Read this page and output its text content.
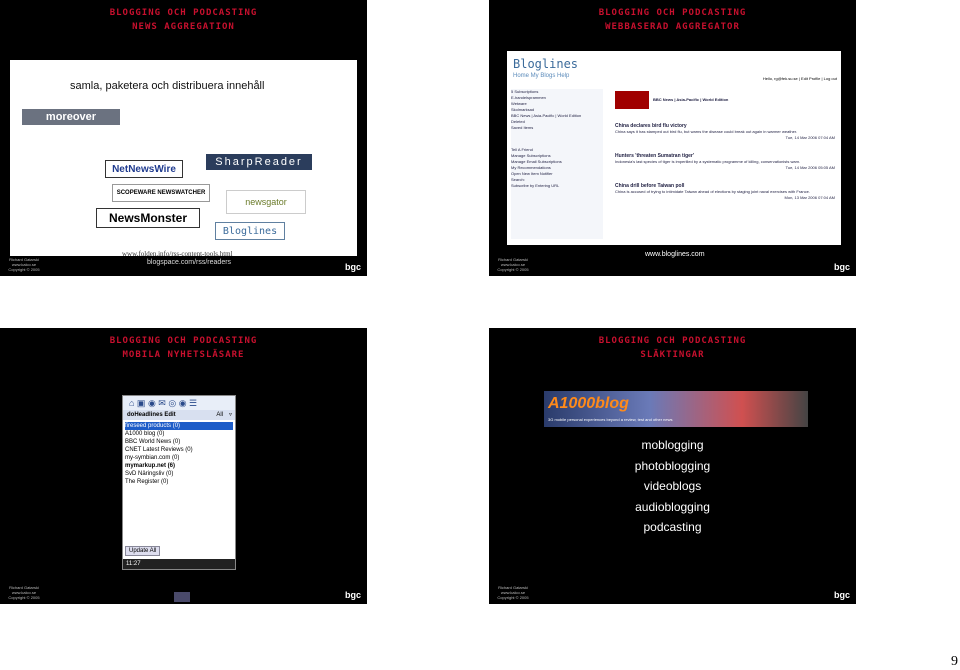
BLOGGING OCH PODCASTING
NEWS AGGREGATION
samla, paketera och distribuera innehåll
moreover
NetNewsWire
SharpReader
SCOPEWARE NEWSWATCHER
newsgator
NewsMonster
Bloglines
www.folden.info/rss-content-tools.html
blogspace.com/rss/readers
Richard Gatarski
www.kalco.se
Copyright © 2005	bgc
BLOGGING OCH PODCASTING
WEBBASERAD AGGREGATOR
Bloglines
Home My Blogs Help	Hello, rg@fek.su.se | Edit Profile | Log out
5 Subscriptions
E-handelsprammen
Wetware
Skolmarksad
BBC News | Asia-Pacific | World Edition
Deleted
Saved Items
Tell A Friend
Manage Subscriptions
Manage Email Subscriptions
My Recommendations
Open New Item Notifier
Search:
Subscribe by Entering URL
BBC News | Asia-Pacific | World Edition
China declares bird flu victory
China says it has stamped out bird flu, but warns the disease could break out again in warmer weather.
Tue, 14 Mar 2006 07:04 AM
Hunters 'threaten Sumatran tiger'
Indonesia's last species of tiger is imperilled by a systematic programme of killing, conservationists warn.
Tue, 14 Mar 2006 05:05 AM
China drill before Taiwan poll
China is accused of trying to intimidate Taiwan ahead of elections by staging joint naval exercises with France.
Mon, 13 Mar 2006 07:04 AM
www.bloglines.com
Richard Gatarski
www.kalco.se
Copyright © 2005	bgc
BLOGGING OCH PODCASTING
MOBILA NYHETSLÄSARE
⌂ ▣ ◉ ✉ ◎ ◉ ☰
doHeadlines Edit	All ▿
fireseed products (0)
A1000 blog (0)
BBC World News (0)
CNET Latest Reviews (0)
my-symbian.com (0)
mymarkup.net (6)
SvD Näringsliv (0)
The Register (0)
Update All
11:27
Richard Gatarski
www.kalco.se
Copyright © 2005	bgc
BLOGGING OCH PODCASTING
SLÄKTINGAR
A1000blog
3G mobile personal experiences beyond a review, test and other news
moblogging
photoblogging
videoblogs
audioblogging
podcasting
Richard Gatarski
www.kalco.se
Copyright © 2005	bgc
9
